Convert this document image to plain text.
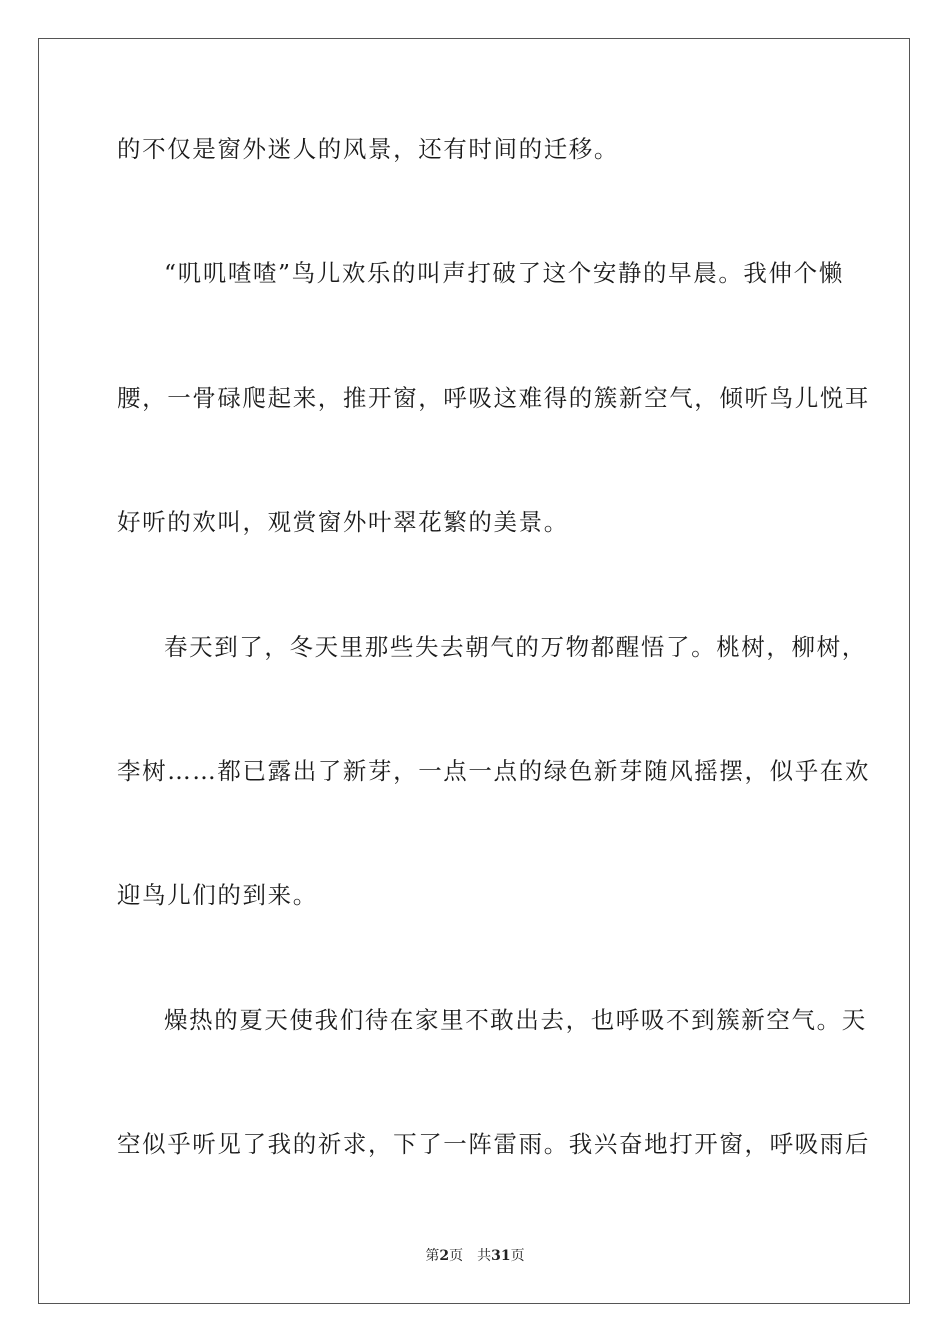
的不仅是窗外迷人的风景，还有时间的迁移。
“叽叽喳喳”鸟儿欢乐的叫声打破了这个安静的早晨。我伸个懒
腰，一骨碌爬起来，推开窗，呼吸这难得的簇新空气，倾听鸟儿悦耳
好听的欢叫，观赏窗外叶翠花繁的美景。
春天到了，冬天里那些失去朝气的万物都醒悟了。桃树，柳树，
李树……都已露出了新芽，一点一点的绿色新芽随风摇摆，似乎在欢
迎鸟儿们的到来。
燥热的夏天使我们待在家里不敢出去，也呼吸不到簇新空气。天
空似乎听见了我的祈求，下了一阵雷雨。我兴奋地打开窗，呼吸雨后
第2页 共31页
